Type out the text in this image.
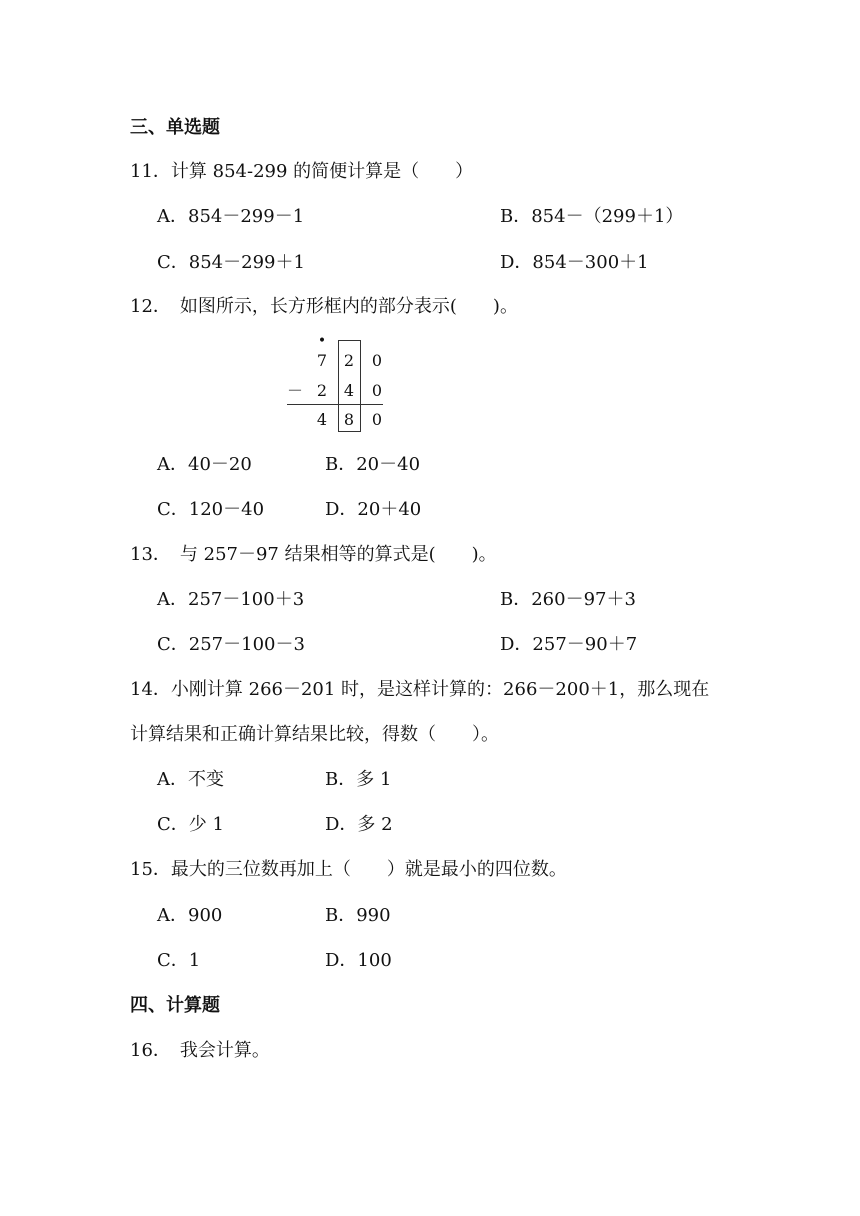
三、单选题
11．计算 854-299 的简便计算是（　　）
A．854－299－1	B．854－（299＋1）
C．854－299＋1	D．854－300＋1
12．　如图所示，长方形框内的部分表示(　　)。
•
7	2	0
－ 2	4	0
4	8	0
A．40－20	B．20－40
C．120－40	D．20＋40
13．　与 257－97 结果相等的算式是(　　)。
A．257－100＋3	B．260－97＋3
C．257－100－3	D．257－90＋7
14．小刚计算 266－201 时，是这样计算的：266－200＋1，那么现在
计算结果和正确计算结果比较，得数（　　）。
A．不变	B．多 1
C．少 1	D．多 2
15．最大的三位数再加上（　　）就是最小的四位数。
A．900	B．990
C．1	D．100
四、计算题
16．　我会计算。
